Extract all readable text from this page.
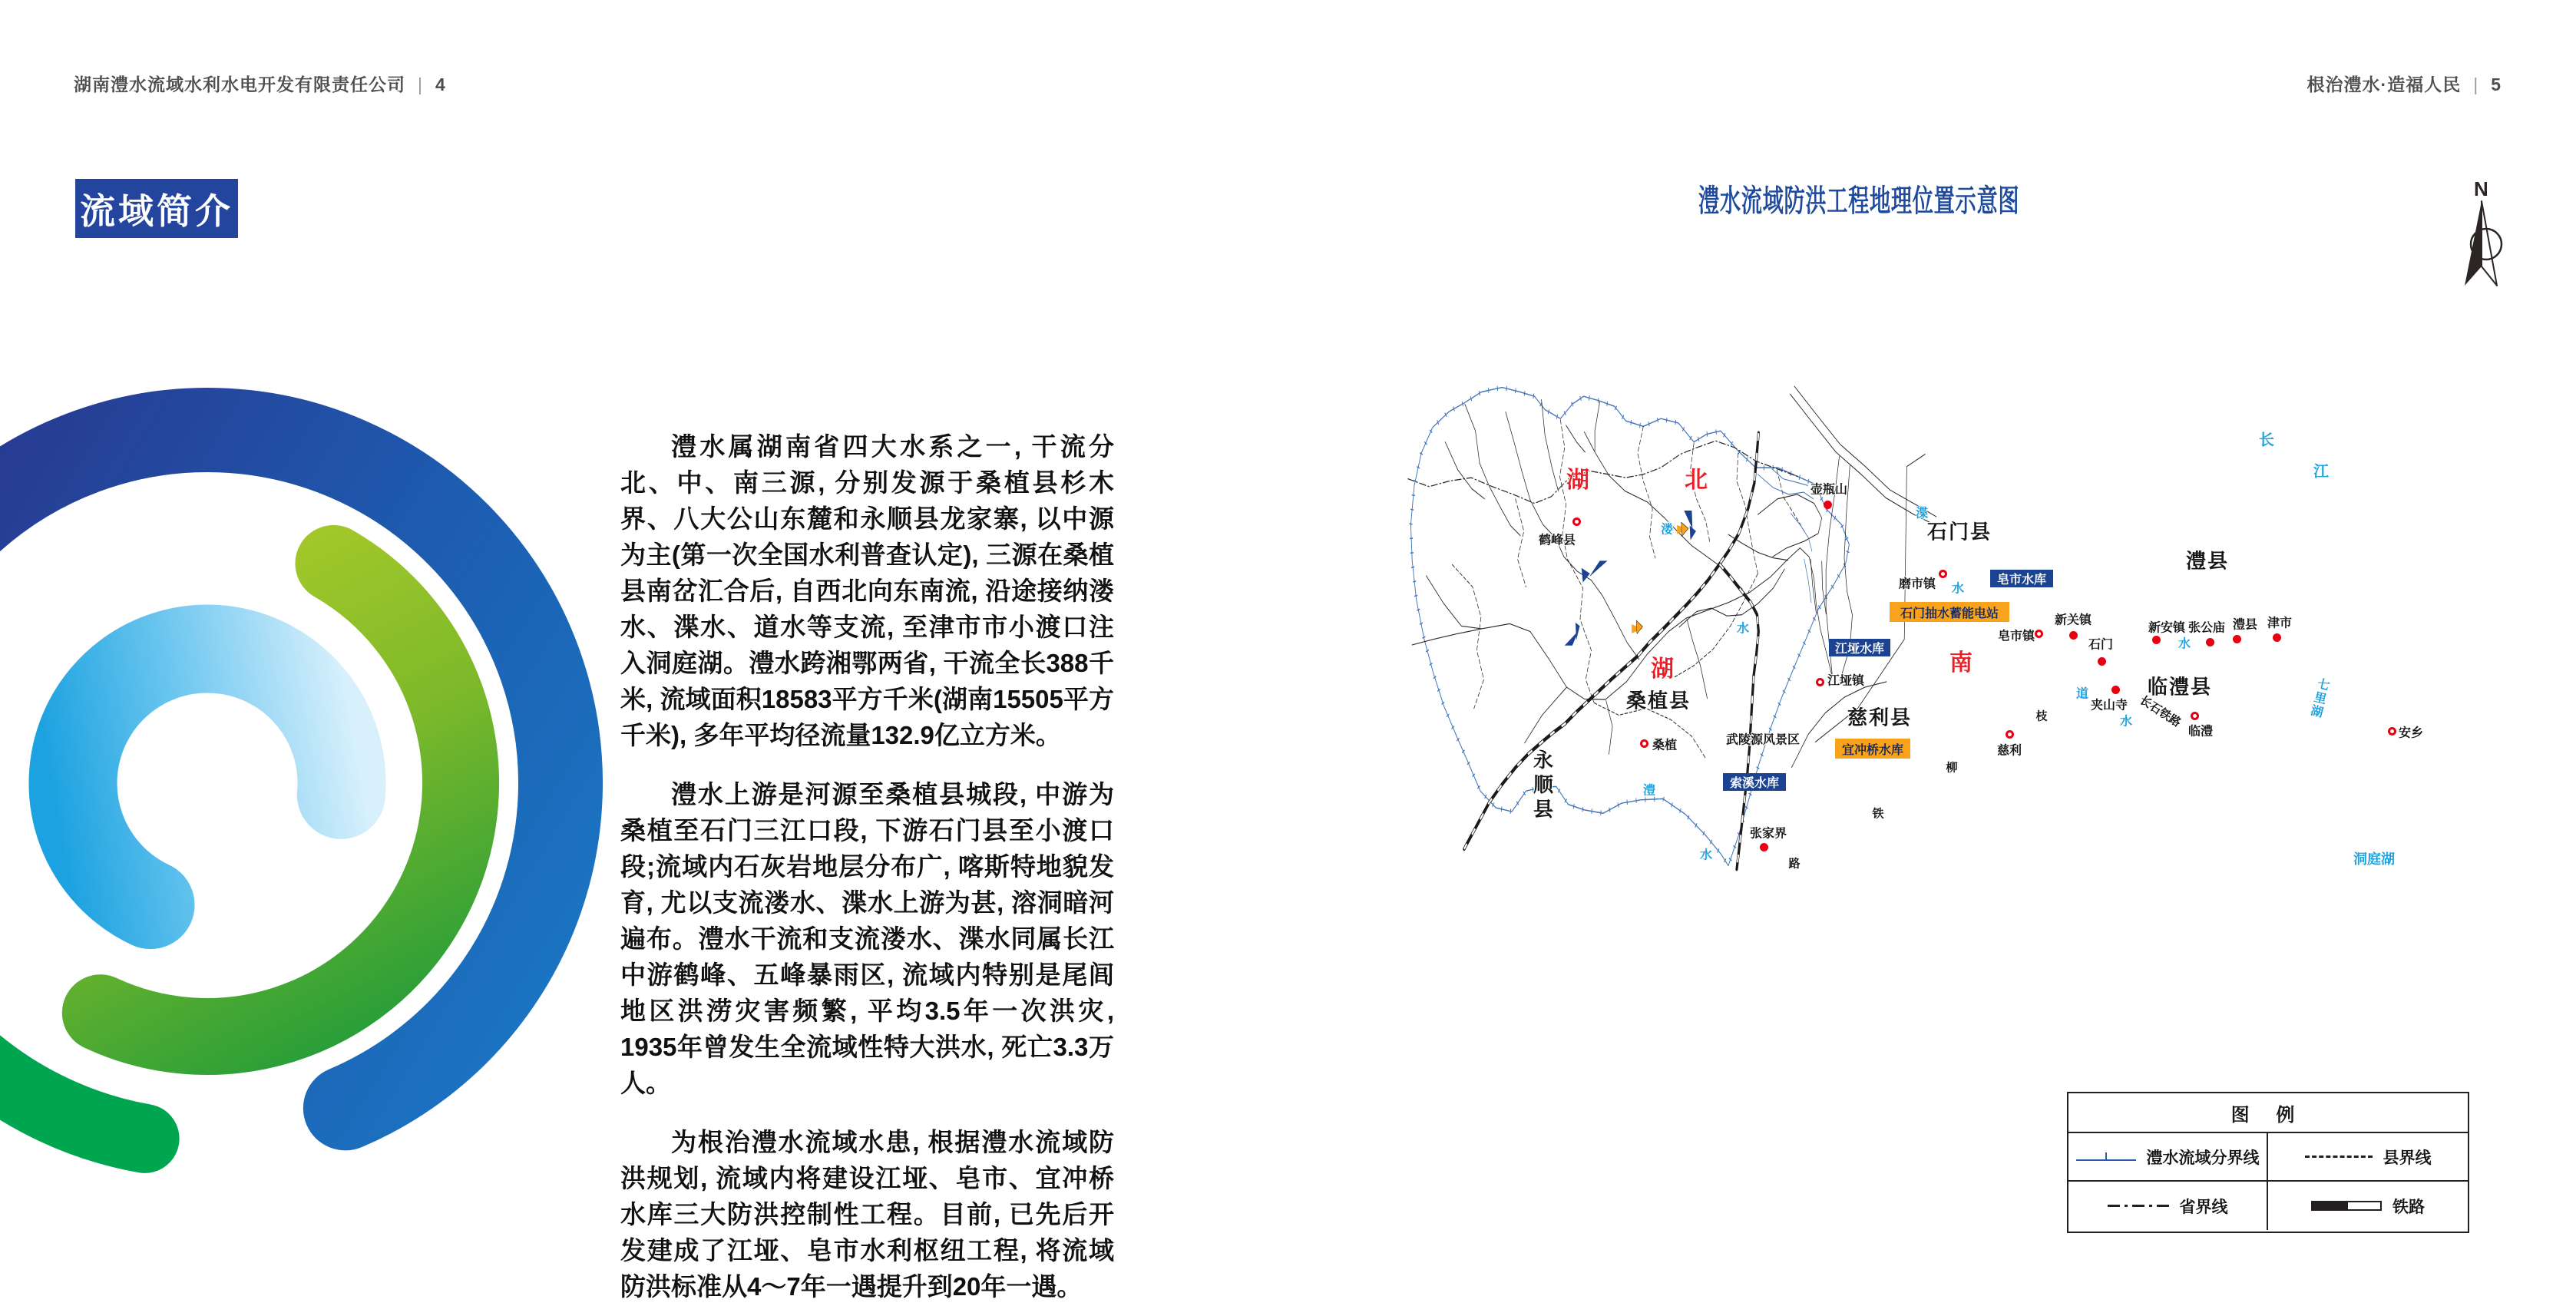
湖南澧水流域水利水电开发有限责任公司 | 4	根治澧水·造福人民 | 5
流域简介

澧水属湖南省四大水系之一, 干流分北、中、南三源, 分别发源于桑植县杉木界、八大公山东麓和永顺县龙家寨, 以中源为主(第一次全国水利普查认定), 三源在桑植县南岔汇合后, 自西北向东南流, 沿途接纳溇水、渫水、道水等支流, 至津市市小渡口注入洞庭湖。澧水跨湘鄂两省, 干流全长388千米, 流域面积18583平方千米(湖南15505平方千米), 多年平均径流量132.9亿立方米。

澧水上游是河源至桑植县城段, 中游为桑植至石门三江口段, 下游石门县至小渡口段;流域内石灰岩地层分布广, 喀斯特地貌发育, 尤以支流溇水、渫水上游为甚, 溶洞暗河遍布。澧水干流和支流溇水、渫水同属长江中游鹤峰、五峰暴雨区, 流域内特别是尾闾地区洪涝灾害频繁, 平均3.5年一次洪灾, 1935年曾发生全流域性特大洪水, 死亡3.3万人。

为根治澧水流域水患, 根据澧水流域防洪规划, 流域内将建设江垭、皂市、宜冲桥水库三大防洪控制性工程。目前, 已先后开发建成了江垭、皂市水利枢纽工程, 将流域防洪标准从4～7年一遇提升到20年一遇。

澧水流域防洪工程地理位置示意图	N
湖	北
湖	南
石门县
桑植县
慈利县
澧县
临澧县
永顺县
鹤峰县
壶瓶山
磨市镇
皂市镇
新关镇
石门
新安镇 张公庙 澧县 津市
江垭镇
桑植
张家界
慈利
夹山寺
临澧	安乡
溇
水
渫
水
澧
水
道
水
水
长
江
七里湖
洞庭湖
武陵源风景区
长石铁路
枝
柳
铁
路
江垭水库
皂市水库
索溪水库
石门抽水蓄能电站
宜冲桥水库
图 例
澧水流域分界线	县界线
省界线	铁路
